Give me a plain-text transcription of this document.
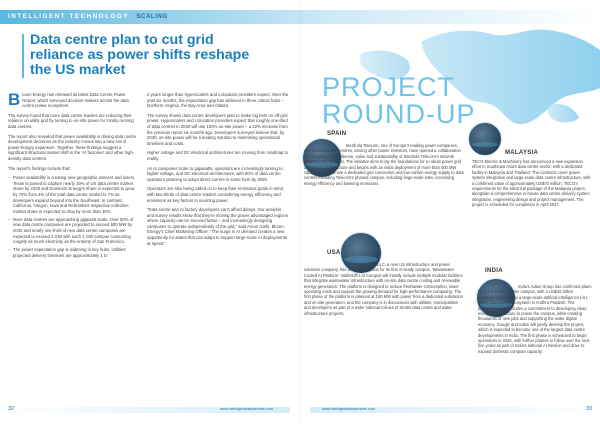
INTELLIGENT TECHNOLOGY SCALING
Data centre plan to cut grid reliance as power shifts reshape the US market

Bloom Energy has released its latest Data Centre Power Report, which surveyed decision makers across the data centre power ecosystem.

The survey found that more data centre leaders are reducing their reliance on utility grid by turning to on-site power for locally running data centres.

The report also revealed that power availability is driving data centre development decisions as the industry moves into a new era of power-hungry expansion. Together, these findings suggest a significant structural market shift in the 'AI factories' and other high-density data centres.

The report's findings include that:

– Power availability is creating new geographic winners and losers. Texas is poised to capture nearly 30% of US data centre market share by 2028 and Dominion Energy's share is expected to grow by 70% from 4% of the total data centre market to 7% as developers expand beyond into the Southeast. In contrast, California, Oregon, Iowa and Nebraska's respective collective market share is expected to drop by more than 30%.
– More data centres are approaching gigawatt scale. Over 50% of new data centre campuses are projected to exceed 500 MW by 2030 and nearly one-third of new data centre campuses are expected to exceed 1 GW with each 1 GW campus consuming roughly as much electricity as the entirety of San Francisco.
– The power expectation gap is widening in key hubs. Utilities' projected delivery timelines are approximately 1 to

2 years longer than hyperscalers and colocation providers expect. Over the past six months, the expectation gap has widened in three critical hubs – Northern Virginia, the Bay Area and Atlanta.

The survey shows data centre developers plan to make big bets on off-grid power. Hyperscalers and colocation providers expect that roughly one-third of data centres in 2030 will use 100% on-site power – a 22% increase from the previous report six months ago. Developers surveyed believe that, by 2030, on-site power will be a leading solution to minimising operational timelines and costs.

Higher voltage and DC electrical architectures are moving from roadmap to reality.

As AI campuses scale to gigawatts, operators are increasingly turning to higher voltage, and DC electrical architectures, with 80% of data centre operators planning to adopt direct current in some form by 2028.

Operators are also being called on to keep their emissions goals in mind, with two-thirds of data centre leaders considering energy efficiency and emissions as key factors in sourcing power.

"Data centre and AI factory developers can't afford delays. Our analysis and survey results show that they're moving the power advantaged regions where capacity can be secured faster – and increasingly designing campuses to operate independently of the grid," said Aman Joshi, Bloom Energy's Chief Marketing Officer. "The surge in AI demand creates a new opportunity for states that can adapt to support large-scale AI deployments at speed."

PROJECT
ROUND-UP
SPAIN
Iberdrola Telecom, one of Europe's leading power companies, and Echelon Data Centres, among other power investors, have opened a collaboration to strengthen the resilience, value and sustainability of Iberdrola Telecom's network infrastructure in Spain. The initiative aims to lay the foundations for a robust power grid and digital infrastructure and begins with an initial deployment of more than 400 MW capacity. This will see a dedicated grid connection and low-carbon energy supply to data centres including Telecom's phased campus, including large-scale sites, increasing energy efficiency and lowering emissions.
MALAYSIA
TECO Electric & Machinery has announced a new expansion effort in Southeast Asia's data centre sector, with a dedicated facility in Malaysia and Thailand. The contracts cover power system integration and large-scale data centre infrastructure, with a combined value of approximately US$70 million. TECO's requirements for the electrical package of the Malaysia project, alongside a comprehensive in-house data centre delivery system integration, engineering design and project management. The project is scheduled for completion in April 2027.
USA
WaferMaker LLC, a new US infrastructure and power solutions company, has announced plans for its first AI-ready campus, 'Wastewater Cooled AI Platform'. WaferLift's AI Campus will initially include multiple modular facilities that integrate wastewater infrastructure with on-site data centre cooling and renewable energy generation. The platform is designed to reduce freshwater consumption, lower operating costs and support the growing demand for high-performance computing. The first phase of the platform is planned at 150 MW with power from a dedicated substation and on-site generation, and the company is in discussions with utilities, municipalities and developers as part of a wider national roll-out of similar data centre and water infrastructure projects.
INDIA
India's Adani Group has confirmed plans for a 1 GW data centre campus, with a US$15 billion investment to develop a large-scale artificial intelligence (AI)-ready data centre ecosystem in Andhra Pradesh. The partnership also includes a commitment to developing clean energy infrastructure to power the campus, while creating thousands of new jobs and supporting the wider digital economy. Google and Adani will jointly develop the project, which is expected to become one of the largest data centre developments in India. The first phase is scheduled to begin operations in 2026, with further phases to follow over the next five years as part of India's national AI mission and drive to expand domestic compute capacity.
32	www.intelligentdatacentres.com	www.intelligentdatacentres.com	33
